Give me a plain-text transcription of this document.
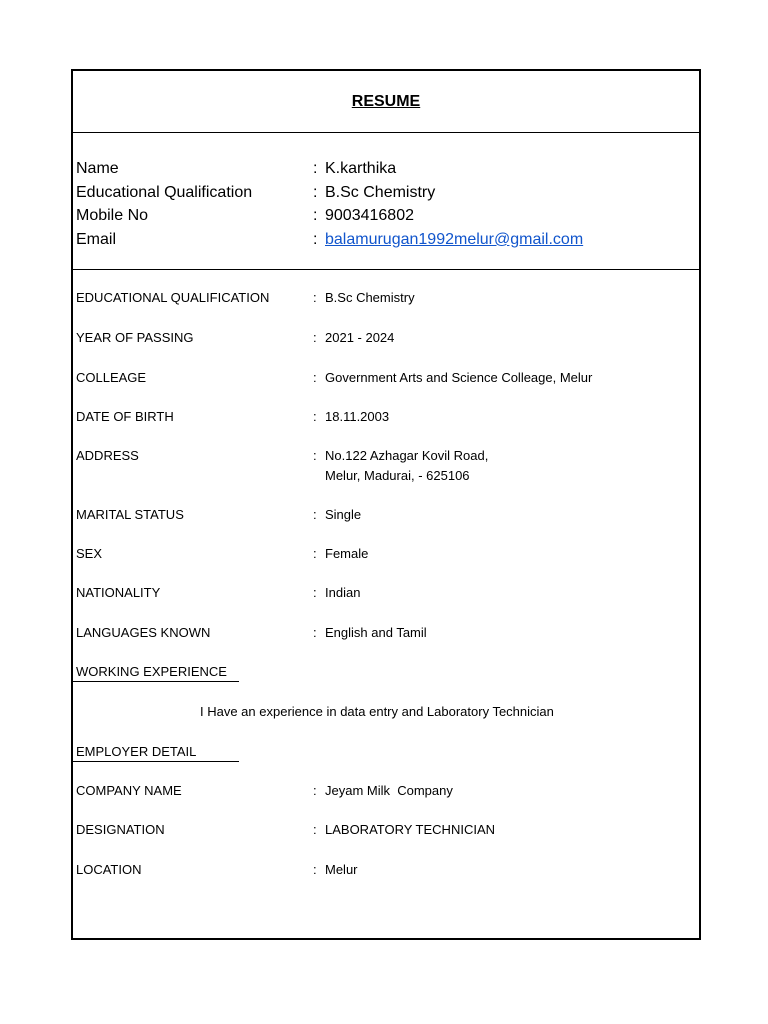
RESUME
Name	: K.karthika
Educational Qualification	: B.Sc Chemistry
Mobile No	: 9003416802
Email	: balamurugan1992melur@gmail.com
EDUCATIONAL QUALIFICATION	: B.Sc Chemistry
YEAR OF PASSING	: 2021 - 2024
COLLEAGE	: Government Arts and Science Colleage, Melur
DATE OF BIRTH	: 18.11.2003
ADDRESS	: No.122 Azhagar Kovil Road,
Melur, Madurai, - 625106
MARITAL STATUS	: Single
SEX	: Female
NATIONALITY	: Indian
LANGUAGES KNOWN	: English and Tamil
WORKING EXPERIENCE
I Have an experience in data entry and Laboratory Technician
EMPLOYER DETAIL
COMPANY NAME	: Jeyam Milk  Company
DESIGNATION	: LABORATORY TECHNICIAN
LOCATION	: Melur
